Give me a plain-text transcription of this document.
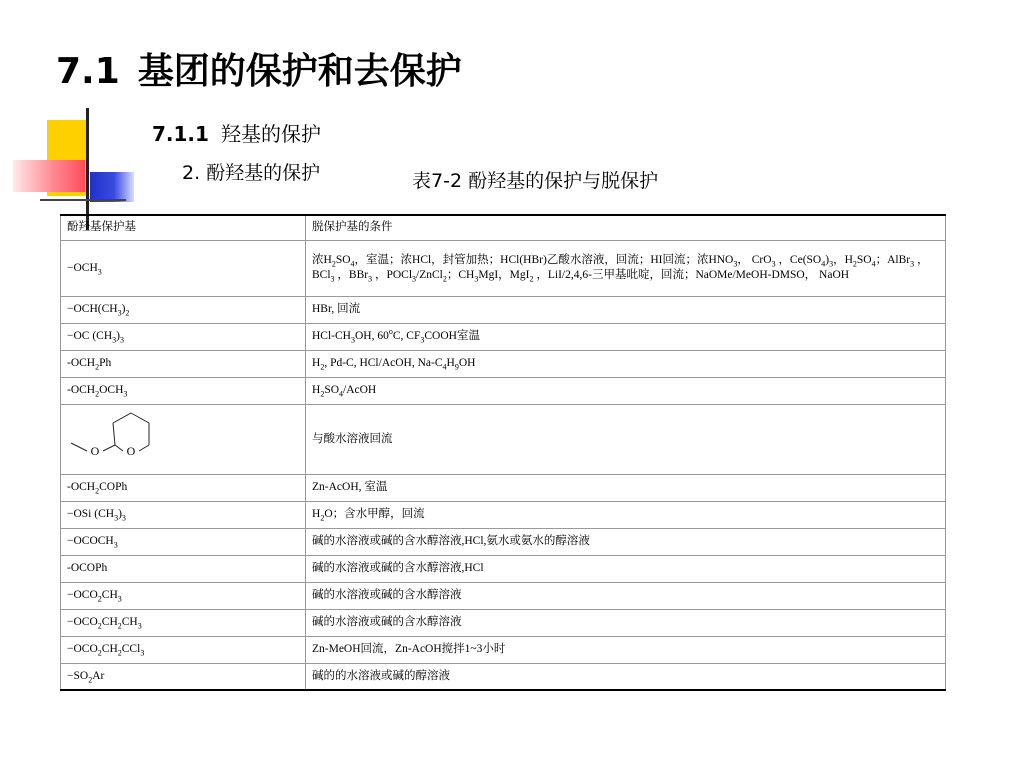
7.1 基团的保护和去保护
7.1.1 羟基的保护
2. 酚羟基的保护	表7-2 酚羟基的保护与脱保护
酚羟基保护基	脱保护基的条件
$-OCH_3$	浓$H_2SO_4$，室温；浓HCl，封管加热；HCl(HBr)乙酸水溶液，回流；HI回流；浓$HNO_3$， CrO$_3$ ，$Ce(SO_4)_3$，$H_2SO_4$；AlBr$_3$ ，BCl$_3$ ，BBr$_3$ ，POCl$_3$/ZnCl$_2$；$CH_3MgI$，MgI$_2$ ，LiI/2,4,6-三甲基吡啶，回流；NaOMe/MeOH-DMSO， NaOH
$-OCH(CH_3)_2$	HBr, 回流
−OC $(CH_3)_3$	HCl-$CH_3OH$, 60$^o$C, $CF_3COOH$室温
$-OCH_2Ph$	$H_2$, Pd-C, HCl/AcOH, $Na-C_4H_9OH$
$-OCH_2OCH_3$	$H_2SO_4$/AcOH

O O	与酸水溶液回流
$-OCH_2COPh$	Zn-AcOH, 室温
−OSi $(CH_3)_3$	$H_2O$；含水甲醇，回流
$-OCOCH_3$	碱的水溶液或碱的含水醇溶液,HCl,氨水或氨水的醇溶液
-OCOPh	碱的水溶液或碱的含水醇溶液,HCl
$-OCO_2CH_3$	碱的水溶液或碱的含水醇溶液
$-OCO_2CH_2CH_3$	碱的水溶液或碱的含水醇溶液
$-OCO_2CH_2CCl_3$	Zn-MeOH回流，Zn-AcOH搅拌1~3小时
$-SO_2Ar$	碱的的水溶液或碱的醇溶液
